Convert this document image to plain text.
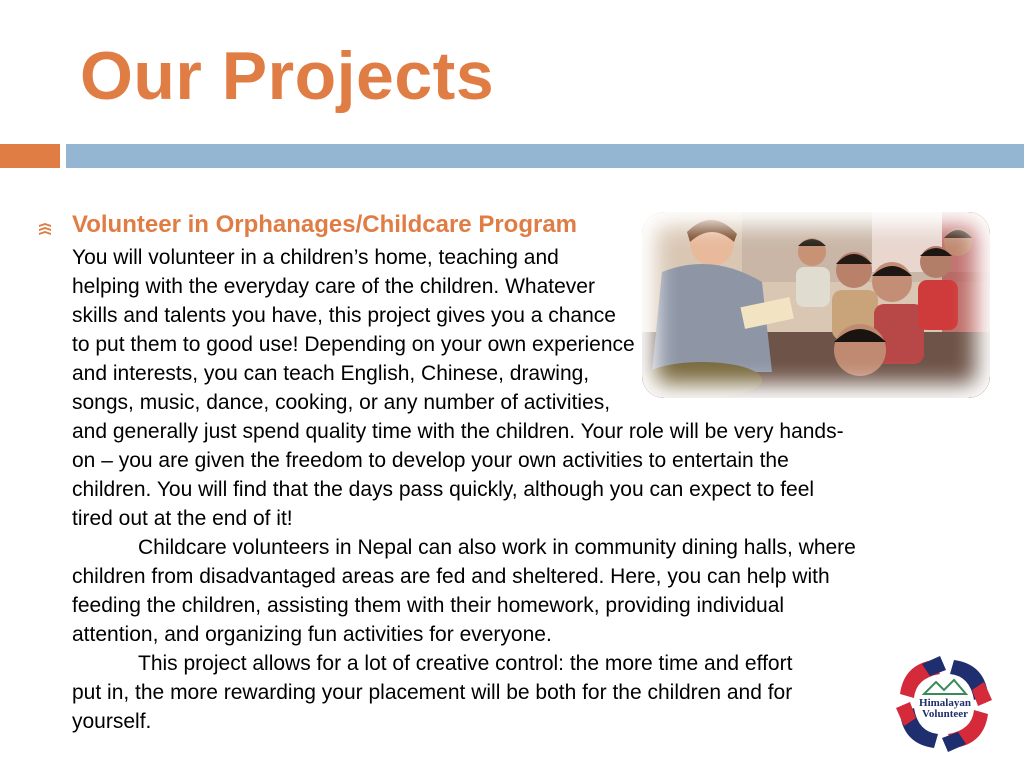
Our Projects
Volunteer in Orphanages/Childcare Program
You will volunteer in a children’s home, teaching and
helping with the everyday care of the children. Whatever
skills and talents you have, this project gives you a chance
to put them to good use! Depending on your own experience
and interests, you can teach English, Chinese, drawing,
songs, music, dance, cooking, or any number of activities,
and generally just spend quality time with the children. Your role will be very hands-
on – you are given the freedom to develop your own activities to entertain the
children. You will find that the days pass quickly, although you can expect to feel
tired out at the end of it!
Childcare volunteers in Nepal can also work in community dining halls, where
children from disadvantaged areas are fed and sheltered. Here, you can help with
feeding the children, assisting them with their homework, providing individual
attention, and organizing fun activities for everyone.
This project allows for a lot of creative control: the more time and effort
put in, the more rewarding your placement will be both for the children and for
yourself.
Himalayan
Volunteer
